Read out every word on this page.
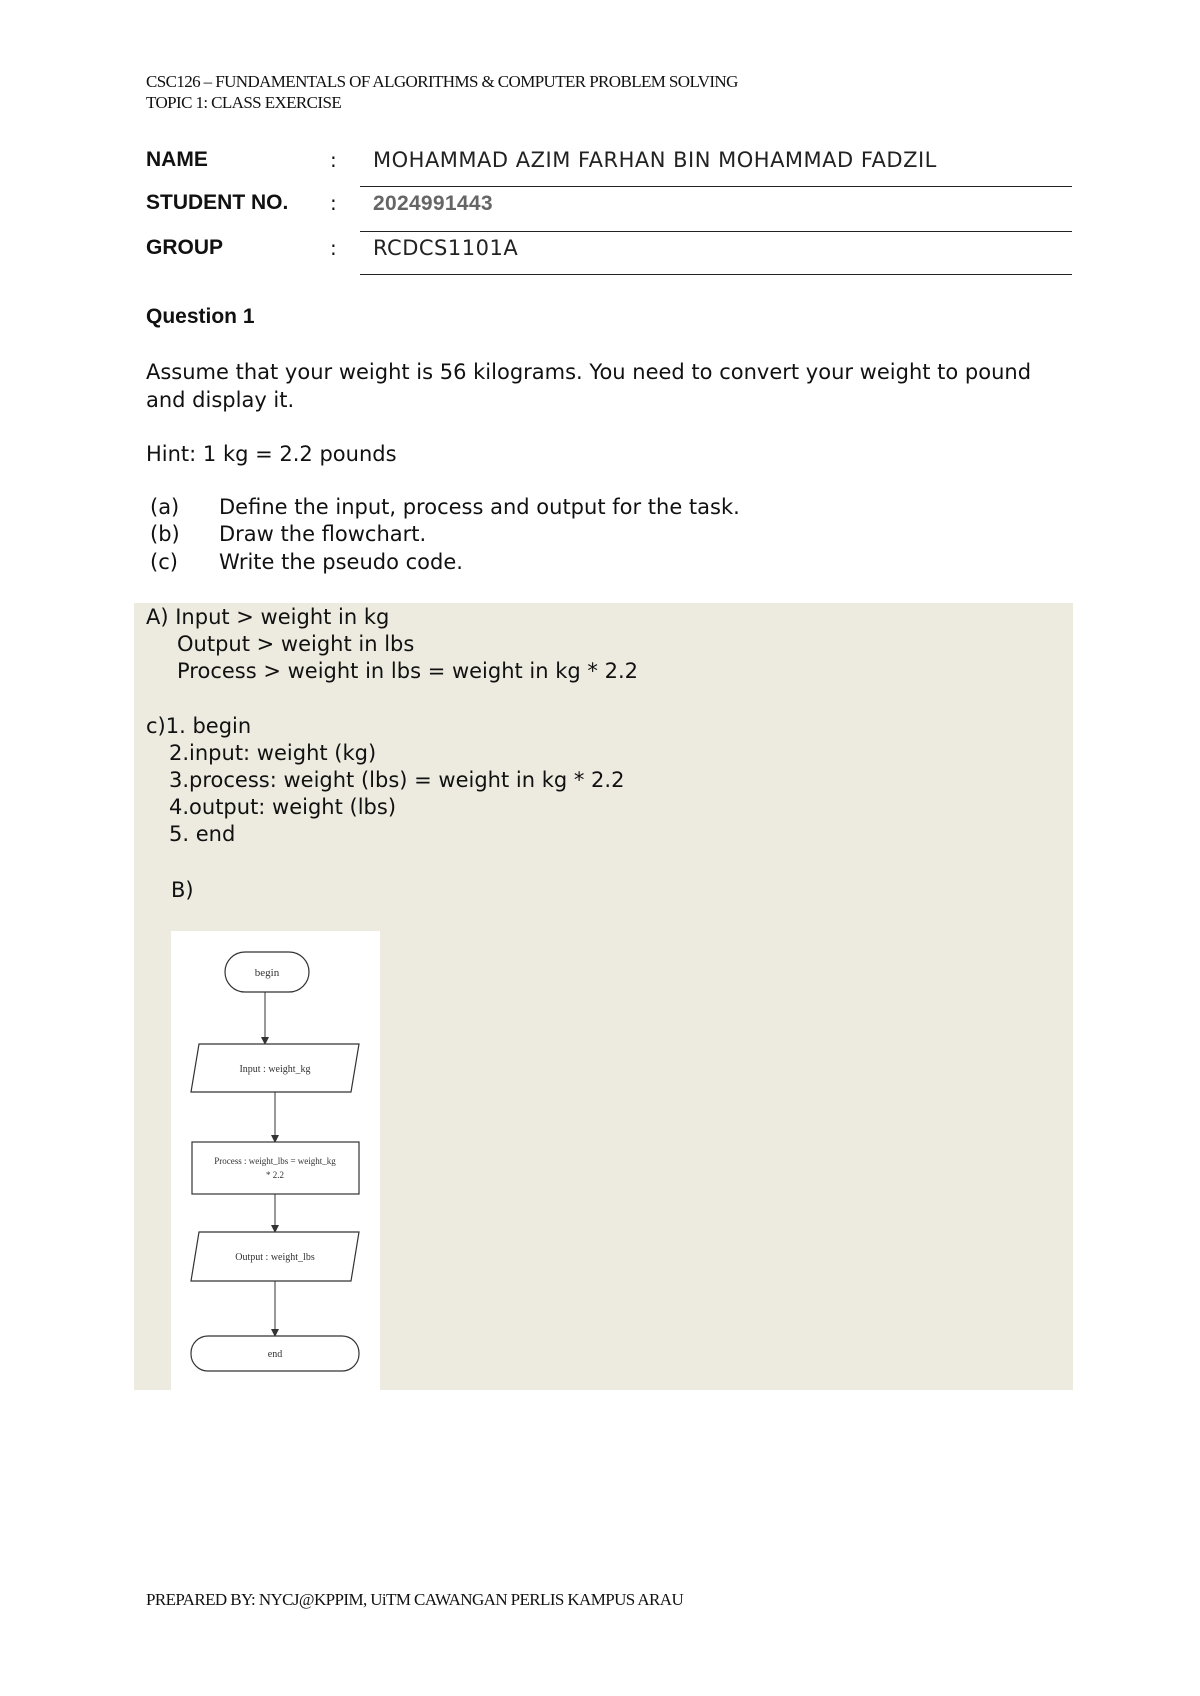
CSC126 – FUNDAMENTALS OF ALGORITHMS & COMPUTER PROBLEM SOLVING
TOPIC 1: CLASS EXERCISE
NAME	: MOHAMMAD AZIM FARHAN BIN MOHAMMAD FADZIL
STUDENT NO. : 2024991443
GROUP	: RCDCS1101A
Question 1
Assume that your weight is 56 kilograms. You need to convert your weight to pound
and display it.
Hint: 1 kg = 2.2 pounds
(a) Define the input, process and output for the task.
(b) Draw the flowchart.
(c) Write the pseudo code.
A) Input > weight in kg
Output > weight in lbs
Process > weight in lbs = weight in kg * 2.2
c)1. begin
2.input: weight (kg)
3.process: weight (lbs) = weight in kg * 2.2
4.output: weight (lbs)
5. end
B)
begin
Input : weight_kg
Process : weight_lbs = weight_kg
* 2.2
Output : weight_lbs
end
PREPARED BY: NYCJ@KPPIM, UiTM CAWANGAN PERLIS KAMPUS ARAU
